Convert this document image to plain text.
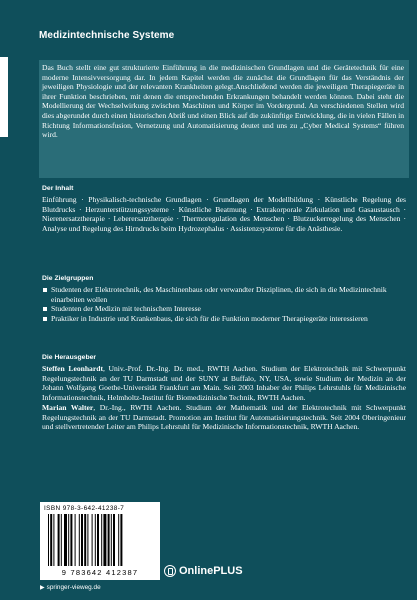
Medizintechnische Systeme
Das Buch stellt eine gut strukturierte Einführung in die medizinischen Grundlagen und die Gerätetechnik für eine moderne Intensivversorgung dar. In jedem Kapitel werden die zunächst die Grundlagen für das Verständnis der jeweiligen Physiologie und der relevanten Krankheiten gelegt.Anschließend werden die jeweiligen Therapiegeräte in ihrer Funktion beschrieben, mit denen die entsprechenden Erkrankungen behandelt werden können. Dabei steht die Modellierung der Wechselwirkung zwischen Maschinen und Körper im Vordergrund. An verschiedenen Stellen wird dies abgerundet durch einen historischen Abriß und einen Blick auf die zukünftige Entwicklung, die in vielen Fällen in Richtung Informationsfusion, Vernetzung und Automatisierung deutet und uns zu „Cyber Medical Systems“ führen wird.
Der Inhalt
Einführung · Physikalisch-technische Grundlagen · Grundlagen der Modellbildung · Künstliche Regelung des Blutdrucks · Herzunterstützungssysteme · Künstliche Beatmung · Extrakorporale Zirkulation und Gasaustausch · Nierenersatztherapie · Leberersatztherapie · Thermoregulation des Menschen · Blutzuckerregelung des Menschen · Analyse und Regelung des Hirndrucks beim Hydrozephalus · Assistenzsysteme für die Anästhesie.
Die Zielgruppen
Studenten der Elektrotechnik, des Maschinenbaus oder verwandter Disziplinen, die sich in die Medizintechnik einarbeiten wollen
Studenten der Medizin mit technischem Interesse
Praktiker in Industrie und Krankenbaus, die sich für die Funktion moderner Therapiegeräte interessieren
Die Herausgeber

Steffen Leonhardt, Univ.-Prof. Dr.-Ing. Dr. med., RWTH Aachen. Studium der Elektrotechnik mit Schwerpunkt Regelungstechnik an der TU Darmstadt und der SUNY at Buffalo, NY, USA, sowie Studium der Medizin an der Johann Wolfgang Goethe-Universität Frankfurt am Main. Seit 2003 Inhaber der Philips Lehrstuhls für Medizinische Informationstechnik, Helmholtz-Institut für Biomedizinische Technik, RWTH Aachen.

Marian Walter, Dr.-Ing., RWTH Aachen. Studium der Mathematik und der Elektrotechnik mit Schwerpunkt Regelungstechnik an der TU Darmstadt. Promotion am Institut für Automatisierungstechnik. Seit 2004 Oberingenieur und stellvertretender Leiter am Philips Lehrstuhl für Medizinische Informationstechnik, RWTH Aachen.

ISBN 978-3-642-41238-7
9 783642 412387	OnlinePLUS
▶ springer-vieweg.de
